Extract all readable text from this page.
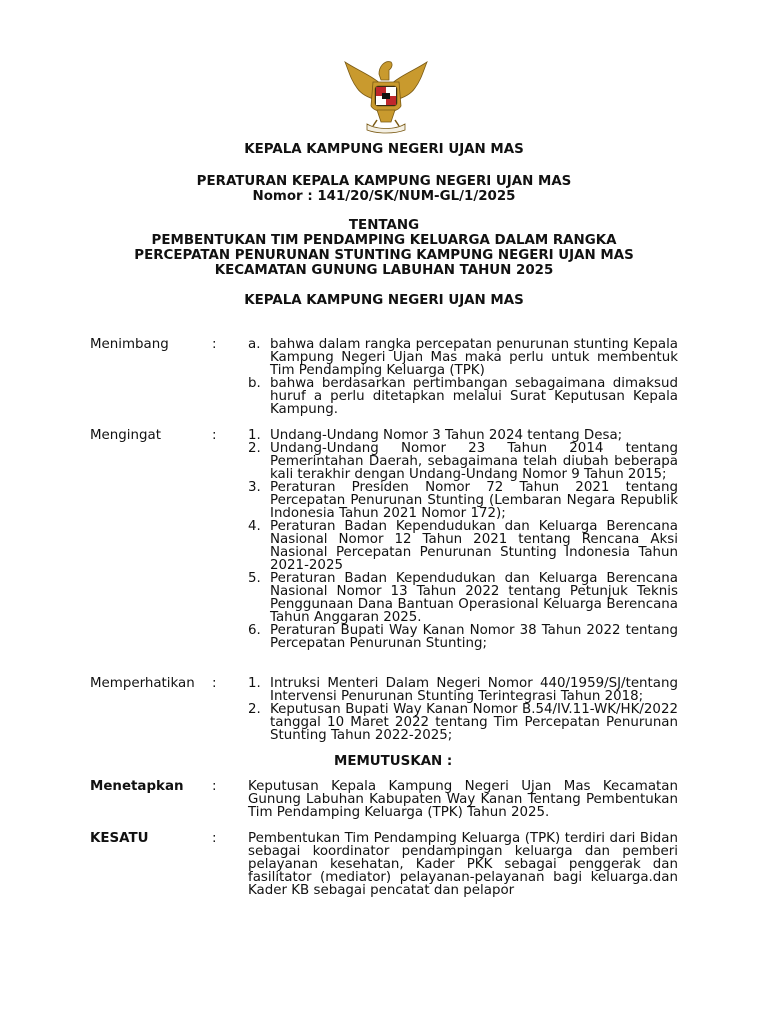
KEPALA KAMPUNG NEGERI UJAN MAS
PERATURAN KEPALA KAMPUNG NEGERI UJAN MAS
Nomor : 141/20/SK/NUM-GL/1/2025
TENTANG
PEMBENTUKAN TIM PENDAMPING KELUARGA DALAM RANGKA
PERCEPATAN PENURUNAN STUNTING KAMPUNG NEGERI UJAN MAS
KECAMATAN GUNUNG LABUHAN TAHUN 2025
KEPALA KAMPUNG NEGERI UJAN MAS
Menimbang	: a. bahwa dalam rangka percepatan penurunan stunting Kepala Kampung Negeri Ujan Mas maka perlu untuk membentuk Tim Pendamping Keluarga (TPK)
b. bahwa berdasarkan pertimbangan sebagaimana dimaksud huruf a perlu ditetapkan melalui Surat Keputusan Kepala Kampung.
Mengingat	: 1. Undang-Undang Nomor 3 Tahun 2024 tentang Desa;
2. Undang-Undang Nomor 23 Tahun 2014 tentang Pemerintahan Daerah, sebagaimana telah diubah beberapa kali terakhir dengan Undang-Undang Nomor 9 Tahun 2015;
3. Peraturan Presiden Nomor 72 Tahun 2021 tentang Percepatan Penurunan Stunting (Lembaran Negara Republik Indonesia Tahun 2021 Nomor 172);
4. Peraturan Badan Kependudukan dan Keluarga Berencana Nasional Nomor 12 Tahun 2021 tentang Rencana Aksi Nasional Percepatan Penurunan Stunting Indonesia Tahun 2021-2025
5. Peraturan Badan Kependudukan dan Keluarga Berencana Nasional Nomor 13 Tahun 2022 tentang Petunjuk Teknis Penggunaan Dana Bantuan Operasional Keluarga Berencana Tahun Anggaran 2025.
6. Peraturan Bupati Way Kanan Nomor 38 Tahun 2022 tentang Percepatan Penurunan Stunting;
Memperhatikan : 1. Intruksi Menteri Dalam Negeri Nomor 440/1959/SJ/tentang Intervensi Penurunan Stunting Terintegrasi Tahun 2018;
2. Keputusan Bupati Way Kanan Nomor B.54/IV.11-WK/HK/2022 tanggal 10 Maret 2022 tentang Tim Percepatan Penurunan Stunting Tahun 2022-2025;
MEMUTUSKAN :
Menetapkan : Keputusan Kepala Kampung Negeri Ujan Mas Kecamatan Gunung Labuhan Kabupaten Way Kanan Tentang Pembentukan Tim Pendamping Keluarga (TPK) Tahun 2025.
KESATU	: Pembentukan Tim Pendamping Keluarga (TPK) terdiri dari Bidan sebagai koordinator pendampingan keluarga dan pemberi pelayanan kesehatan, Kader PKK sebagai penggerak dan fasilitator (mediator) pelayanan-pelayanan bagi keluarga.dan Kader KB sebagai pencatat dan pelapor
